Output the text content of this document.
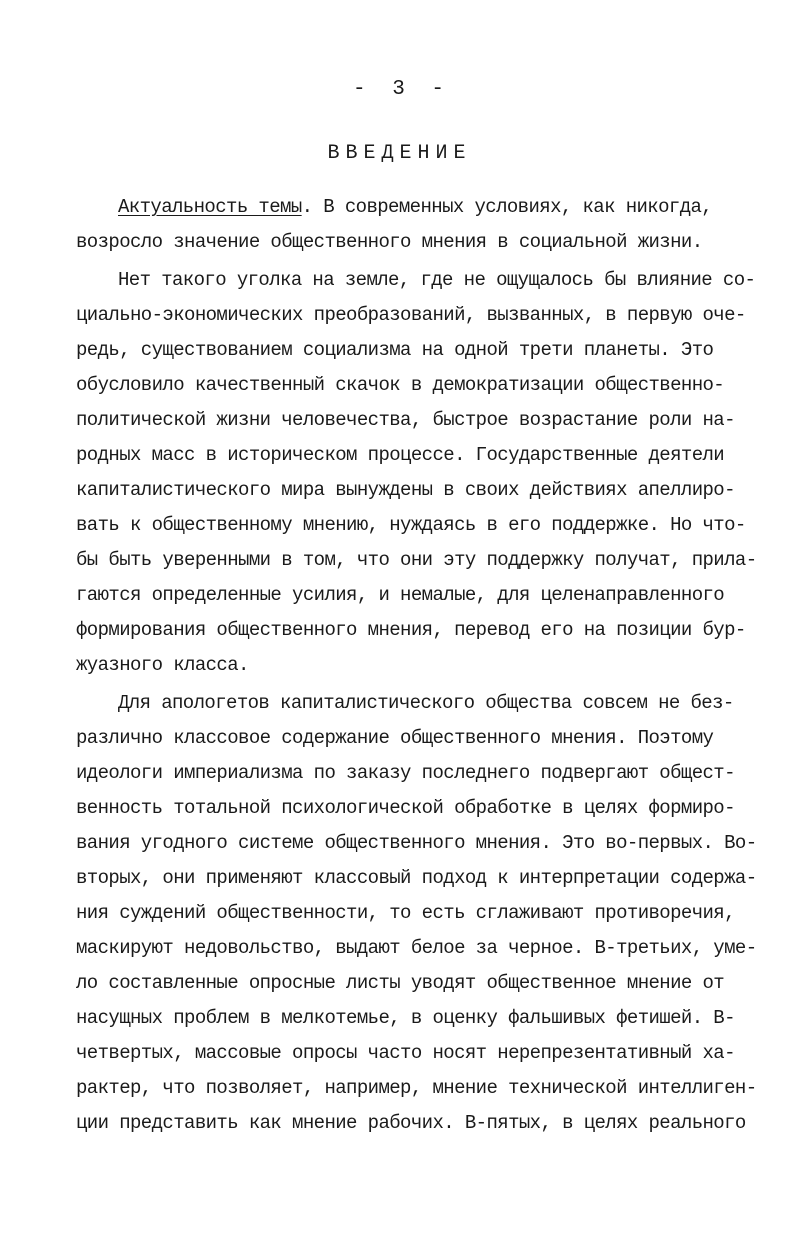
- 3 -
ВВЕДЕНИЕ
Актуальность темы. В современных условиях, как никогда,
возросло значение общественного мнения в социальной жизни.
Нет такого уголка на земле, где не ощущалось бы влияние со-
циально-экономических преобразований, вызванных, в первую оче-
редь, существованием социализма на одной трети планеты. Это
обусловило качественный скачок в демократизации общественно-
политической жизни человечества, быстрое возрастание роли на-
родных масс в историческом процессе. Государственные деятели
капиталистического мира вынуждены в своих действиях апеллиро-
вать к общественному мнению, нуждаясь в его поддержке. Но что-
бы быть уверенными в том, что они эту поддержку получат, прила-
гаются определенные усилия, и немалые, для целенаправленного
формирования общественного мнения, перевод его на позиции бур-
жуазного класса.
Для апологетов капиталистического общества совсем не без-
различно классовое содержание общественного мнения. Поэтому
идеологи империализма по заказу последнего подвергают общест-
венность тотальной психологической обработке в целях формиро-
вания угодного системе общественного мнения. Это во-первых. Во-
вторых, они применяют классовый подход к интерпретации содержа-
ния суждений общественности, то есть сглаживают противоречия,
маскируют недовольство, выдают белое за черное. В-третьих, уме-
ло составленные опросные листы уводят общественное мнение от
насущных проблем в мелкотемье, в оценку фальшивых фетишей. В-
четвертых, массовые опросы часто носят нерепрезентативный ха-
рактер, что позволяет, например, мнение технической интеллиген-
ции представить как мнение рабочих. В-пятых, в целях реального
